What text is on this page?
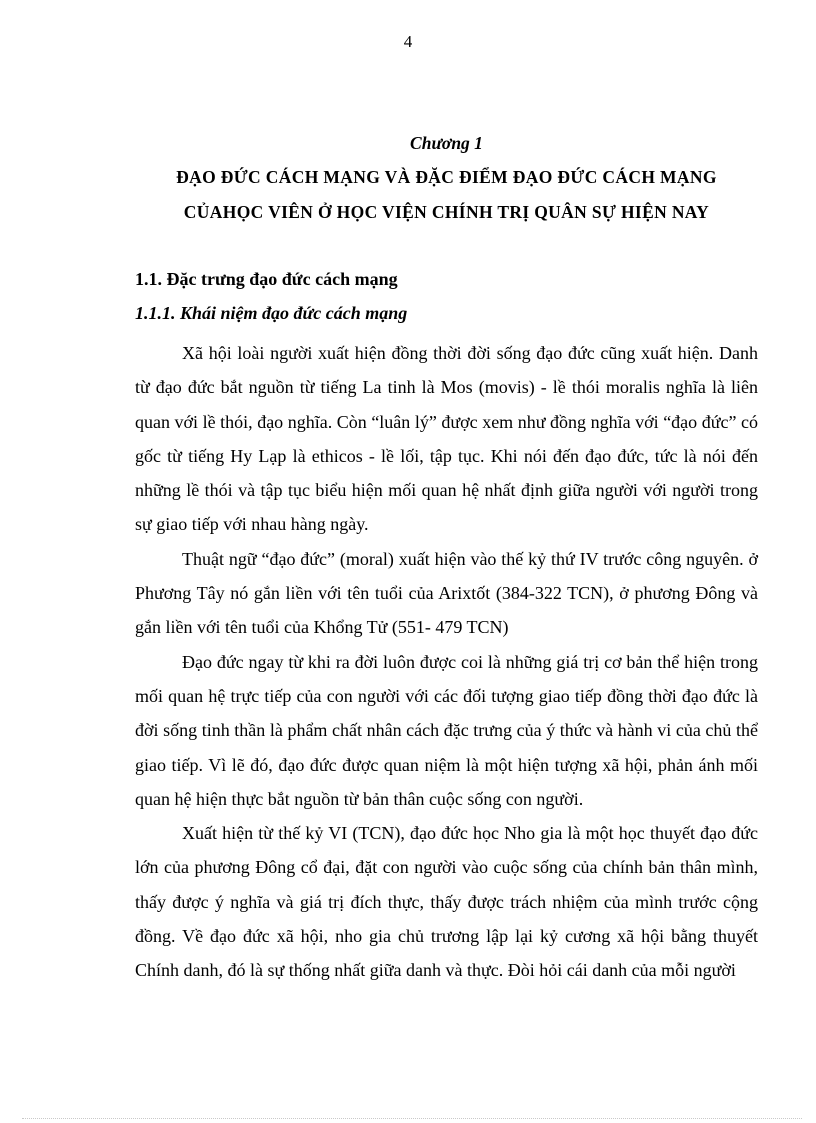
4
Chương 1
ĐẠO ĐỨC CÁCH MẠNG VÀ ĐẶC ĐIỂM ĐẠO ĐỨC CÁCH MẠNG
CỦAHỌC VIÊN Ở HỌC VIỆN CHÍNH TRỊ QUÂN SỰ HIỆN NAY
1.1. Đặc trưng đạo đức cách mạng
1.1.1. Khái niệm đạo đức cách mạng

Xã hội loài người xuất hiện đồng thời đời sống đạo đức cũng xuất hiện. Danh từ đạo đức bắt nguồn từ tiếng La tinh là Mos (movis) - lề thói moralis nghĩa là liên quan với lề thói, đạo nghĩa. Còn “luân lý” được xem như đồng nghĩa với “đạo đức” có gốc từ tiếng Hy Lạp là ethicos - lề lối, tập tục. Khi nói đến đạo đức, tức là nói đến những lề thói và tập tục biểu hiện mối quan hệ nhất định giữa người với người trong sự giao tiếp với nhau hàng ngày.

Thuật ngữ “đạo đức” (moral) xuất hiện vào thế kỷ thứ IV trước công nguyên. ở Phương Tây nó gắn liền với tên tuổi của Arixtốt (384-322 TCN), ở phương Đông và gắn liền với tên tuổi của Khổng Tử (551- 479 TCN)

Đạo đức ngay từ khi ra đời luôn được coi là những giá trị cơ bản thể hiện trong mối quan hệ trực tiếp của con người với các đối tượng giao tiếp đồng thời đạo đức là đời sống tinh thần là phẩm chất nhân cách đặc trưng của ý thức và hành vi của chủ thể giao tiếp. Vì lẽ đó, đạo đức được quan niệm là một hiện tượng xã hội, phản ánh mối quan hệ hiện thực bắt nguồn từ bản thân cuộc sống con người.

Xuất hiện từ thế kỷ VI (TCN), đạo đức học Nho gia là một học thuyết đạo đức lớn của phương Đông cổ đại, đặt con người vào cuộc sống của chính bản thân mình, thấy được ý nghĩa và giá trị đích thực, thấy được trách nhiệm của mình trước cộng đồng. Về đạo đức xã hội, nho gia chủ trương lập lại kỷ cương xã hội bằng thuyết Chính danh, đó là sự thống nhất giữa danh và thực. Đòi hỏi cái danh của mỗi người
